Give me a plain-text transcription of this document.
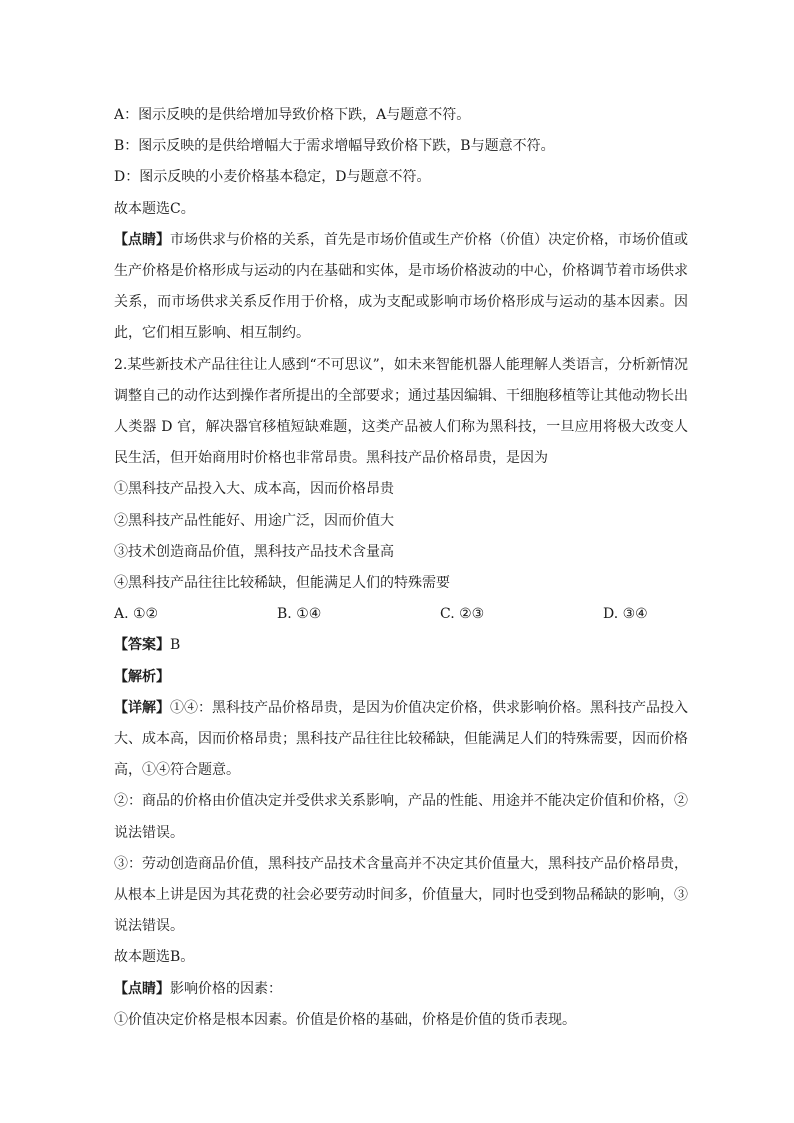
A：图示反映的是供给增加导致价格下跌，A与题意不符。
B：图示反映的是供给增幅大于需求增幅导致价格下跌，B与题意不符。
D：图示反映的小麦价格基本稳定，D与题意不符。
故本题选C。
【点睛】市场供求与价格的关系，首先是市场价值或生产价格（价值）决定价格，市场价值或生产价格是价格形成与运动的内在基础和实体，是市场价格波动的中心，价格调节着市场供求关系，而市场供求关系反作用于价格，成为支配或影响市场价格形成与运动的基本因素。因此，它们相互影响、相互制约。
2.某些新技术产品往往让人感到“不可思议”，如未来智能机器人能理解人类语言，分析新情况调整自己的动作达到操作者所提出的全部要求；通过基因编辑、干细胞移植等让其他动物长出人类器 D 官，解决器官移植短缺难题，这类产品被人们称为黑科技，一旦应用将极大改变人民生活，但开始商用时价格也非常昂贵。黑科技产品价格昂贵，是因为
①黑科技产品投入大、成本高，因而价格昂贵
②黑科技产品性能好、用途广泛，因而价值大
③技术创造商品价值，黑科技产品技术含量高
④黑科技产品往往比较稀缺，但能满足人们的特殊需要
A. ①②	B. ①④	C. ②③	D. ③④
【答案】B
【解析】
【详解】①④：黑科技产品价格昂贵，是因为价值决定价格，供求影响价格。黑科技产品投入大、成本高，因而价格昂贵；黑科技产品往往比较稀缺，但能满足人们的特殊需要，因而价格高，①④符合题意。
②：商品的价格由价值决定并受供求关系影响，产品的性能、用途并不能决定价值和价格，②说法错误。
③：劳动创造商品价值，黑科技产品技术含量高并不决定其价值量大，黑科技产品价格昂贵，从根本上讲是因为其花费的社会必要劳动时间多，价值量大，同时也受到物品稀缺的影响，③说法错误。
故本题选B。
【点睛】影响价格的因素：
①价值决定价格是根本因素。价值是价格的基础，价格是价值的货币表现。
